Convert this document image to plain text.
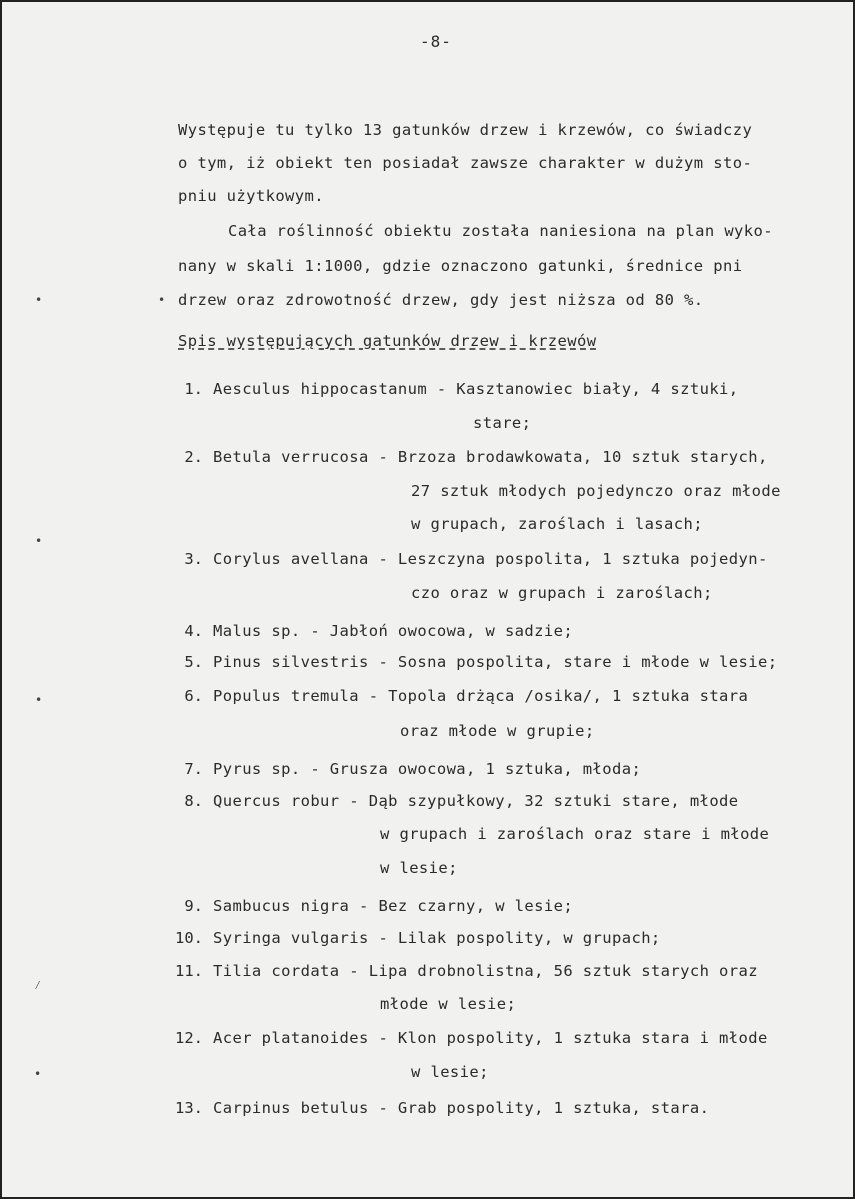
-8-
Występuje tu tylko 13 gatunków drzew i krzewów, co świadczy
o tym, iż obiekt ten posiadał zawsze charakter w dużym sto-
pniu użytkowym.
Cała roślinność obiektu została naniesiona na plan wyko-
nany w skali 1:1000, gdzie oznaczono gatunki, średnice pni
drzew oraz zdrowotność drzew, gdy jest niższa od 80 %.
Spis występujących gatunków drzew i krzewów
1. Aesculus hippocastanum - Kasztanowiec biały, 4 sztuki,
stare;
2. Betula verrucosa - Brzoza brodawkowata, 10 sztuk starych,
27 sztuk młodych pojedynczo oraz młode
w grupach, zaroślach i lasach;
3. Corylus avellana - Leszczyna pospolita, 1 sztuka pojedyn-
czo oraz w grupach i zaroślach;
4. Malus sp. - Jabłoń owocowa, w sadzie;
5. Pinus silvestris - Sosna pospolita, stare i młode w lesie;
6. Populus tremula - Topola drżąca /osika/, 1 sztuka stara
oraz młode w grupie;
7. Pyrus sp. - Grusza owocowa, 1 sztuka, młoda;
8. Quercus robur - Dąb szypułkowy, 32 sztuki stare, młode
w grupach i zaroślach oraz stare i młode
w lesie;
9. Sambucus nigra - Bez czarny, w lesie;
10. Syringa vulgaris - Lilak pospolity, w grupach;
11. Tilia cordata - Lipa drobnolistna, 56 sztuk starych oraz
młode w lesie;
12. Acer platanoides - Klon pospolity, 1 sztuka stara i młode
w lesie;
13. Carpinus betulus - Grab pospolity, 1 sztuka, stara.
•	•
•
•
⁄
•
